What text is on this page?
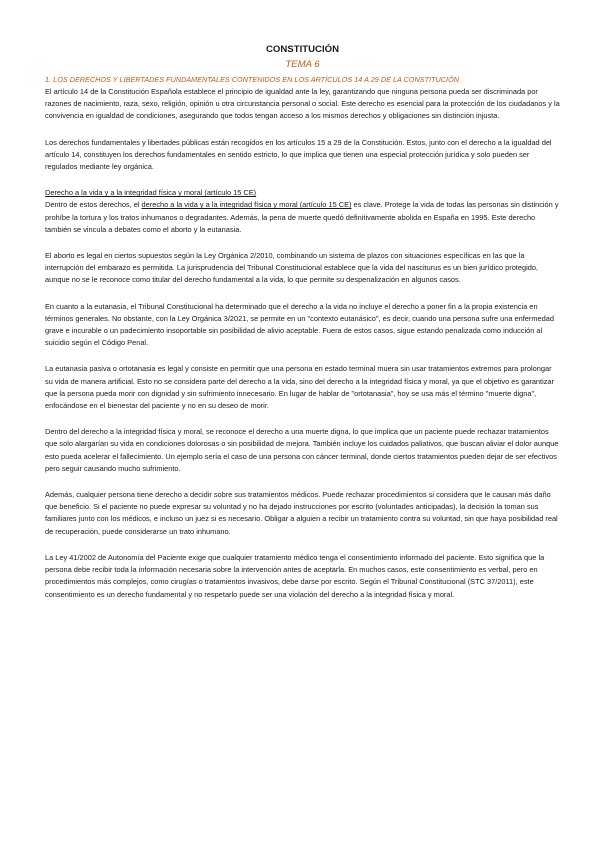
CONSTITUCIÓN

TEMA 6

1. LOS DERECHOS Y LIBERTADES FUNDAMENTALES CONTENIDOS EN LOS ARTÍCULOS 14 A 29 DE LA CONSTITUCIÓN

El artículo 14 de la Constitución Española establece el principio de igualdad ante la ley, garantizando que ninguna persona pueda ser discriminada por razones de nacimiento, raza, sexo, religión, opinión u otra circunstancia personal o social. Este derecho es esencial para la protección de los ciudadanos y la convivencia en igualdad de condiciones, asegurando que todos tengan acceso a los mismos derechos y obligaciones sin distinción injusta.

Los derechos fundamentales y libertades públicas están recogidos en los artículos 15 a 29 de la Constitución. Estos, junto con el derecho a la igualdad del artículo 14, constituyen los derechos fundamentales en sentido estricto, lo que implica que tienen una especial protección jurídica y solo pueden ser regulados mediante ley orgánica.

Derecho a la vida y a la integridad física y moral (artículo 15 CE)

Dentro de estos derechos, el derecho a la vida y a la integridad física y moral (artículo 15 CE) es clave. Protege la vida de todas las personas sin distinción y prohíbe la tortura y los tratos inhumanos o degradantes. Además, la pena de muerte quedó definitivamente abolida en España en 1995. Este derecho también se vincula a debates como el aborto y la eutanasia.

El aborto es legal en ciertos supuestos según la Ley Orgánica 2/2010, combinando un sistema de plazos con situaciones específicas en las que la interrupción del embarazo es permitida. La jurisprudencia del Tribunal Constitucional establece que la vida del nasciturus es un bien jurídico protegido, aunque no se le reconoce como titular del derecho fundamental a la vida, lo que permite su despenalización en algunos casos.

En cuanto a la eutanasia, el Tribunal Constitucional ha determinado que el derecho a la vida no incluye el derecho a poner fin a la propia existencia en términos generales. No obstante, con la Ley Orgánica 3/2021, se permite en un "contexto eutanásico", es decir, cuando una persona sufre una enfermedad grave e incurable o un padecimiento insoportable sin posibilidad de alivio aceptable. Fuera de estos casos, sigue estando penalizada como inducción al suicidio según el Código Penal.

La eutanasia pasiva o ortotanasia es legal y consiste en permitir que una persona en estado terminal muera sin usar tratamientos extremos para prolongar su vida de manera artificial. Esto no se considera parte del derecho a la vida, sino del derecho a la integridad física y moral, ya que el objetivo es garantizar que la persona pueda morir con dignidad y sin sufrimiento innecesario. En lugar de hablar de "ortotanasia", hoy se usa más el término "muerte digna", enfocándose en el bienestar del paciente y no en su deseo de morir.

Dentro del derecho a la integridad física y moral, se reconoce el derecho a una muerte digna, lo que implica que un paciente puede rechazar tratamientos que solo alargarían su vida en condiciones dolorosas o sin posibilidad de mejora. También incluye los cuidados paliativos, que buscan aliviar el dolor aunque esto pueda acelerar el fallecimiento. Un ejemplo sería el caso de una persona con cáncer terminal, donde ciertos tratamientos pueden dejar de ser efectivos pero seguir causando mucho sufrimiento.

Además, cualquier persona tiene derecho a decidir sobre sus tratamientos médicos. Puede rechazar procedimientos si considera que le causan más daño que beneficio. Si el paciente no puede expresar su voluntad y no ha dejado instrucciones por escrito (voluntades anticipadas), la decisión la toman sus familiares junto con los médicos, e incluso un juez si es necesario. Obligar a alguien a recibir un tratamiento contra su voluntad, sin que haya posibilidad real de recuperación, puede considerarse un trato inhumano.

La Ley 41/2002 de Autonomía del Paciente exige que cualquier tratamiento médico tenga el consentimiento informado del paciente. Esto significa que la persona debe recibir toda la información necesaria sobre la intervención antes de aceptarla. En muchos casos, este consentimiento es verbal, pero en procedimientos más complejos, como cirugías o tratamientos invasivos, debe darse por escrito. Según el Tribunal Constitucional (STC 37/2011), este consentimiento es un derecho fundamental y no respetarlo puede ser una violación del derecho a la integridad física y moral.
